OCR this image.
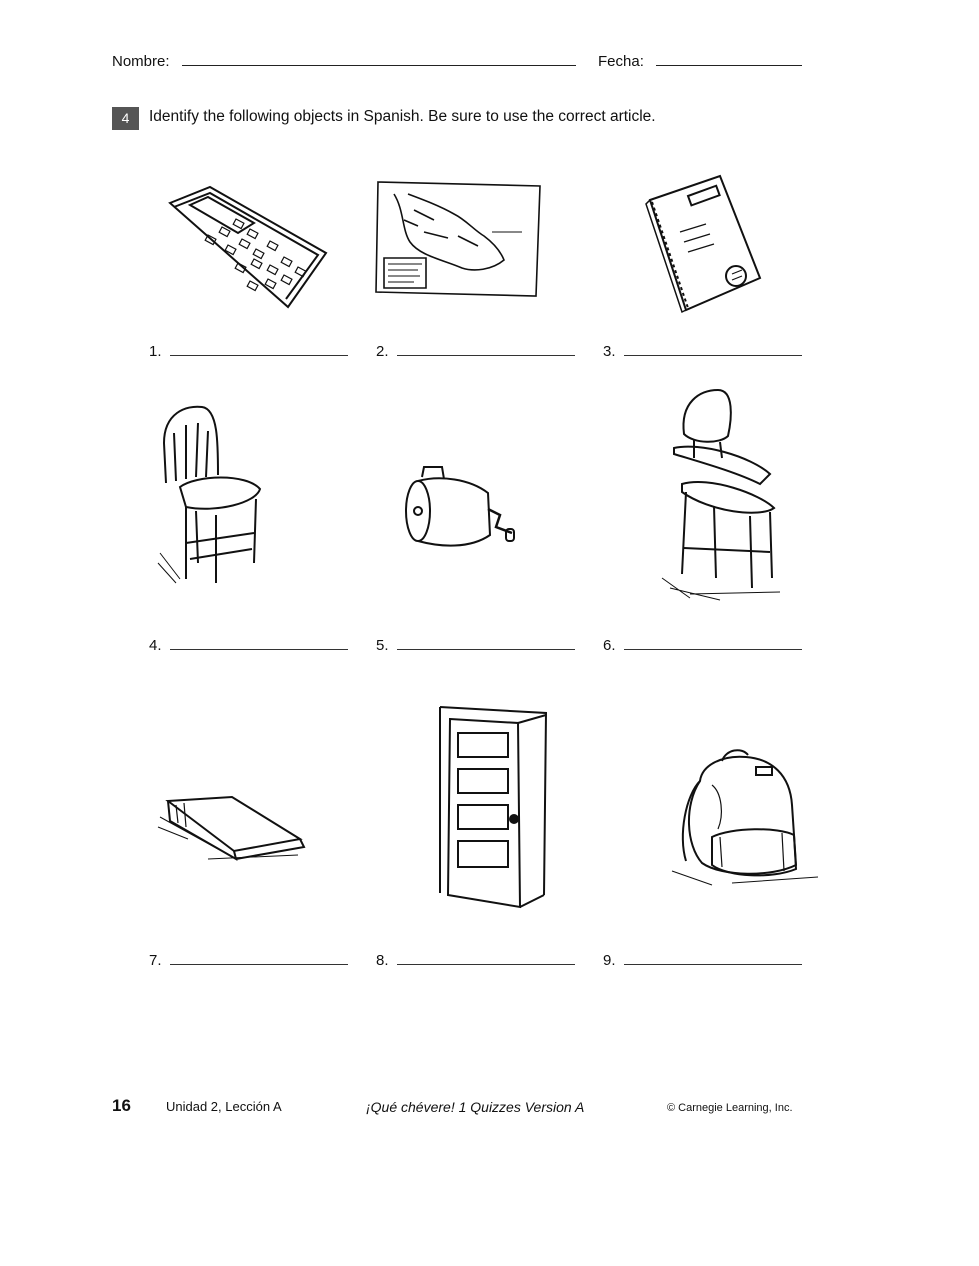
Nombre:	Fecha:
4	Identify the following objects in Spanish. Be sure to use the correct article.
1.	2.	3.
4.	5.	6.
7.	8.	9.
16	Unidad 2, Lección A	¡Qué chévere! 1 Quizzes Version A	© Carnegie Learning, Inc.
